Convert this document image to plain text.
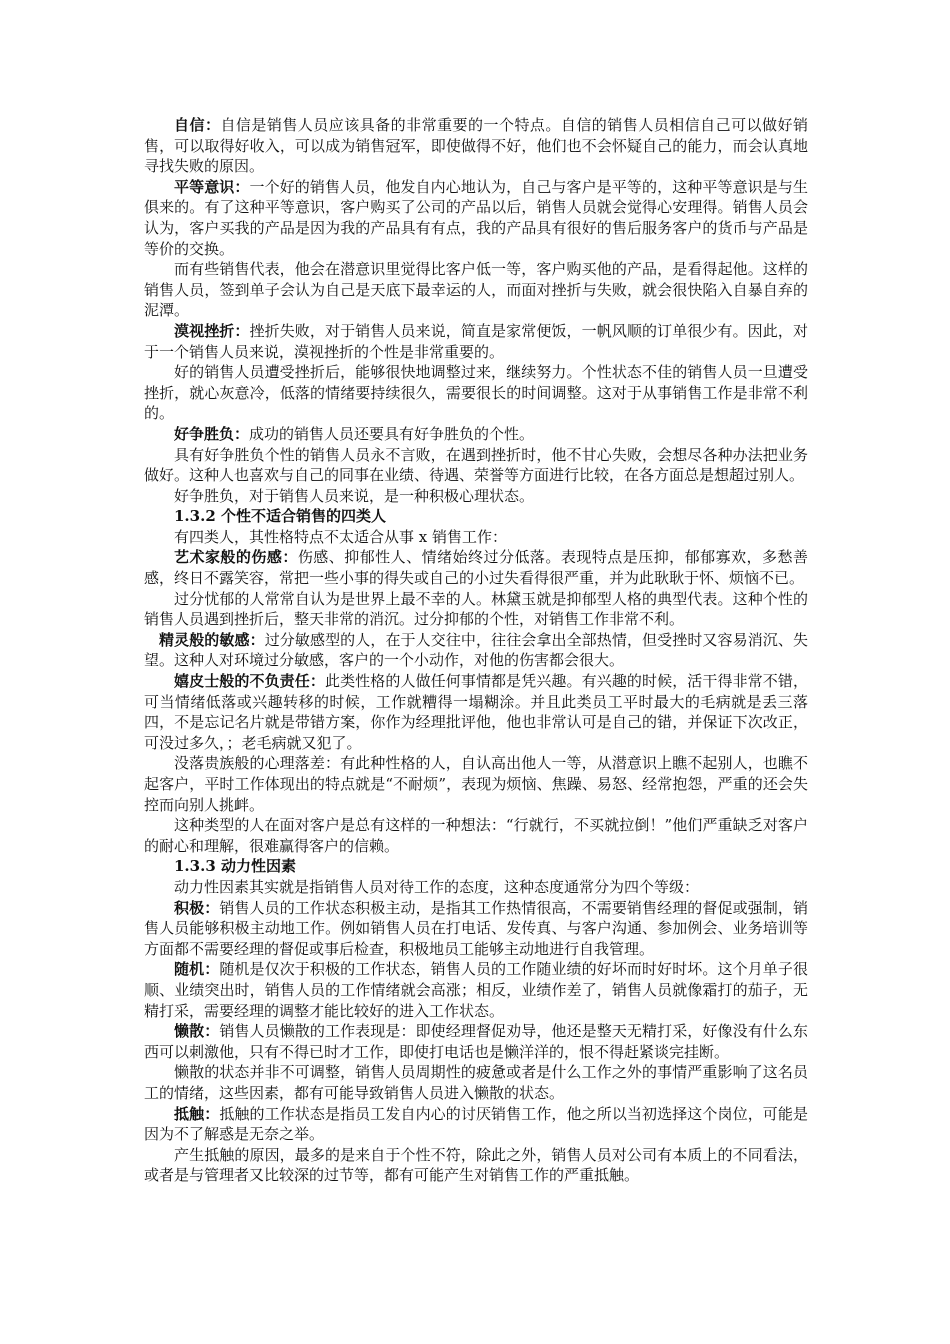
自信：自信是销售人员应该具备的非常重要的一个特点。自信的销售人员相信自己可以做好销售，可以取得好收入，可以成为销售冠军，即使做得不好，他们也不会怀疑自己的能力，而会认真地寻找失败的原因。

平等意识：一个好的销售人员，他发自内心地认为，自己与客户是平等的，这种平等意识是与生俱来的。有了这种平等意识，客户购买了公司的产品以后，销售人员就会觉得心安理得。销售人员会认为，客户买我的产品是因为我的产品具有有点，我的产品具有很好的售后服务客户的货币与产品是等价的交换。

而有些销售代表，他会在潜意识里觉得比客户低一等，客户购买他的产品，是看得起他。这样的销售人员，签到单子会认为自己是天底下最幸运的人，而面对挫折与失败，就会很快陷入自暴自弃的泥潭。

漠视挫折：挫折失败，对于销售人员来说，简直是家常便饭，一帆风顺的订单很少有。因此，对于一个销售人员来说，漠视挫折的个性是非常重要的。

好的销售人员遭受挫折后，能够很快地调整过来，继续努力。个性状态不佳的销售人员一旦遭受挫折，就心灰意冷，低落的情绪要持续很久，需要很长的时间调整。这对于从事销售工作是非常不利的。

好争胜负：成功的销售人员还要具有好争胜负的个性。

具有好争胜负个性的销售人员永不言败，在遇到挫折时，他不甘心失败，会想尽各种办法把业务做好。这种人也喜欢与自己的同事在业绩、待遇、荣誉等方面进行比较，在各方面总是想超过别人。

好争胜负，对于销售人员来说，是一种积极心理状态。

1.3.2 个性不适合销售的四类人

有四类人，其性格特点不太适合从事 x 销售工作：

艺术家般的伤感：伤感、抑郁性人、情绪始终过分低落。表现特点是压抑，郁郁寡欢，多愁善感，终日不露笑容，常把一些小事的得失或自己的小过失看得很严重，并为此耿耿于怀、烦恼不已。

过分忧郁的人常常自认为是世界上最不幸的人。林黛玉就是抑郁型人格的典型代表。这种个性的销售人员遇到挫折后，整天非常的消沉。过分抑郁的个性，对销售工作非常不利。

精灵般的敏感：过分敏感型的人，在于人交往中，往往会拿出全部热情，但受挫时又容易消沉、失望。这种人对环境过分敏感，客户的一个小动作，对他的伤害都会很大。

嬉皮士般的不负责任：此类性格的人做任何事情都是凭兴趣。有兴趣的时候，活干得非常不错，可当情绪低落或兴趣转移的时候，工作就糟得一塌糊涂。并且此类员工平时最大的毛病就是丢三落四，不是忘记名片就是带错方案，你作为经理批评他，他也非常认可是自己的错，并保证下次改正，可没过多久，；老毛病就又犯了。

没落贵族般的心理落差：有此种性格的人，自认高出他人一等，从潜意识上瞧不起别人，也瞧不起客户，平时工作体现出的特点就是“不耐烦”，表现为烦恼、焦躁、易怒、经常抱怨，严重的还会失控而向别人挑衅。

这种类型的人在面对客户是总有这样的一种想法：“行就行，不买就拉倒！”他们严重缺乏对客户的耐心和理解，很难赢得客户的信赖。

1.3.3 动力性因素

动力性因素其实就是指销售人员对待工作的态度，这种态度通常分为四个等级：

积极：销售人员的工作状态积极主动，是指其工作热情很高，不需要销售经理的督促或强制，销售人员能够积极主动地工作。例如销售人员在打电话、发传真、与客户沟通、参加例会、业务培训等方面都不需要经理的督促或事后检查，积极地员工能够主动地进行自我管理。

随机：随机是仅次于积极的工作状态，销售人员的工作随业绩的好坏而时好时坏。这个月单子很顺、业绩突出时，销售人员的工作情绪就会高涨；相反，业绩作差了，销售人员就像霜打的茄子，无精打采，需要经理的调整才能比较好的进入工作状态。

懒散：销售人员懒散的工作表现是：即使经理督促劝导，他还是整天无精打采，好像没有什么东西可以刺激他，只有不得已时才工作，即使打电话也是懒洋洋的，恨不得赶紧谈完挂断。

懒散的状态并非不可调整，销售人员周期性的疲惫或者是什么工作之外的事情严重影响了这名员工的情绪，这些因素，都有可能导致销售人员进入懒散的状态。

抵触：抵触的工作状态是指员工发自内心的讨厌销售工作，他之所以当初选择这个岗位，可能是因为不了解惑是无奈之举。

产生抵触的原因，最多的是来自于个性不符，除此之外，销售人员对公司有本质上的不同看法，或者是与管理者又比较深的过节等，都有可能产生对销售工作的严重抵触。
